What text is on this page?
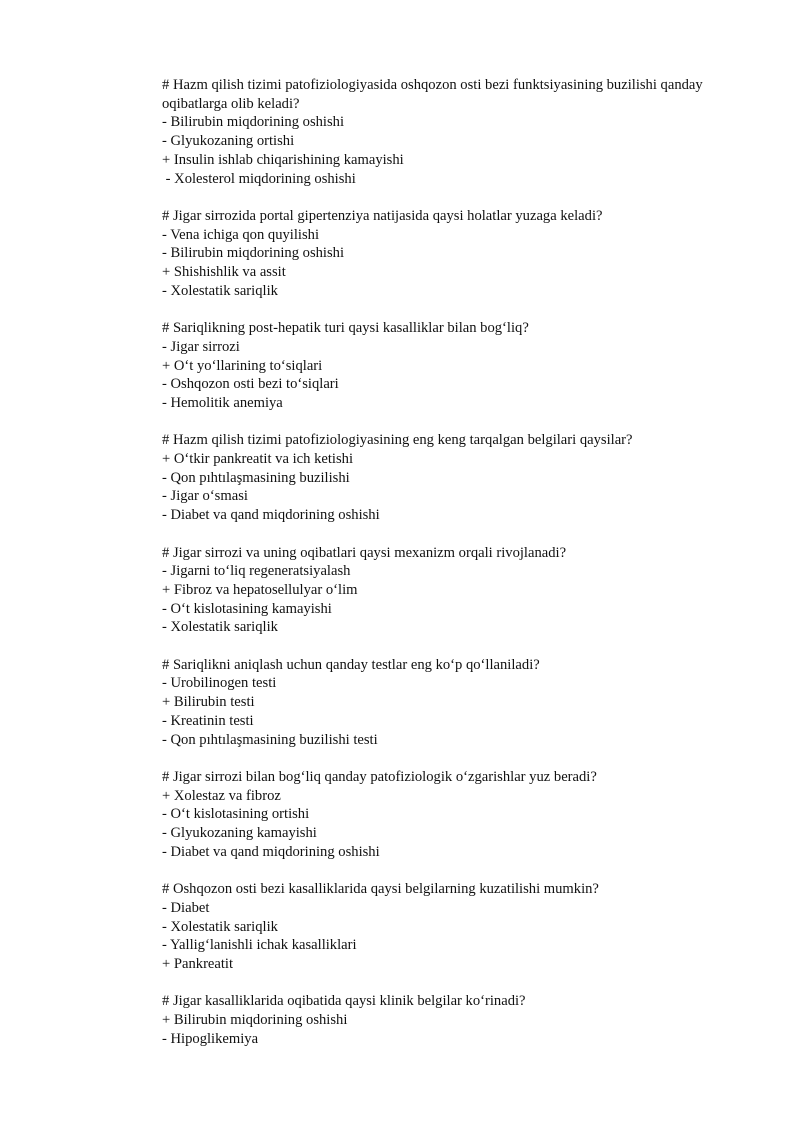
# Hazm qilish tizimi patofiziologiyasida oshqozon osti bezi funktsiyasining buzilishi qanday oqibatlarga olib keladi?
- Bilirubin miqdorining oshishi
- Glyukozaning ortishi
+ Insulin ishlab chiqarishining kamayishi
- Xolesterol miqdorining oshishi
# Jigar sirrozida portal gipertenziya natijasida qaysi holatlar yuzaga keladi?
- Vena ichiga qon quyilishi
- Bilirubin miqdorining oshishi
+ Shishishlik va assit
- Xolestatik sariqlik
# Sariqlikning post-hepatik turi qaysi kasalliklar bilan bog‘liq?
- Jigar sirrozi
+ O‘t yo‘llarining to‘siqlari
- Oshqozon osti bezi to‘siqlari
- Hemolitik anemiya
# Hazm qilish tizimi patofiziologiyasining eng keng tarqalgan belgilari qaysilar?
+ O‘tkir pankreatit va ich ketishi
- Qon pıhtılaşmasining buzilishi
- Jigar o‘smasi
- Diabet va qand miqdorining oshishi
# Jigar sirrozi va uning oqibatlari qaysi mexanizm orqali rivojlanadi?
- Jigarni to‘liq regeneratsiyalash
+ Fibroz va hepatosellulyar o‘lim
- O‘t kislotasining kamayishi
- Xolestatik sariqlik
# Sariqlikni aniqlash uchun qanday testlar eng ko‘p qo‘llaniladi?
- Urobilinogen testi
+ Bilirubin testi
- Kreatinin testi
- Qon pıhtılaşmasining buzilishi testi
# Jigar sirrozi bilan bog‘liq qanday patofiziologik o‘zgarishlar yuz beradi?
+ Xolestaz va fibroz
- O‘t kislotasining ortishi
- Glyukozaning kamayishi
- Diabet va qand miqdorining oshishi
# Oshqozon osti bezi kasalliklarida qaysi belgilarning kuzatilishi mumkin?
- Diabet
- Xolestatik sariqlik
- Yallig‘lanishli ichak kasalliklari
+ Pankreatit
# Jigar kasalliklarida oqibatida qaysi klinik belgilar ko‘rinadi?
+ Bilirubin miqdorining oshishi
- Hipoglikemiya
